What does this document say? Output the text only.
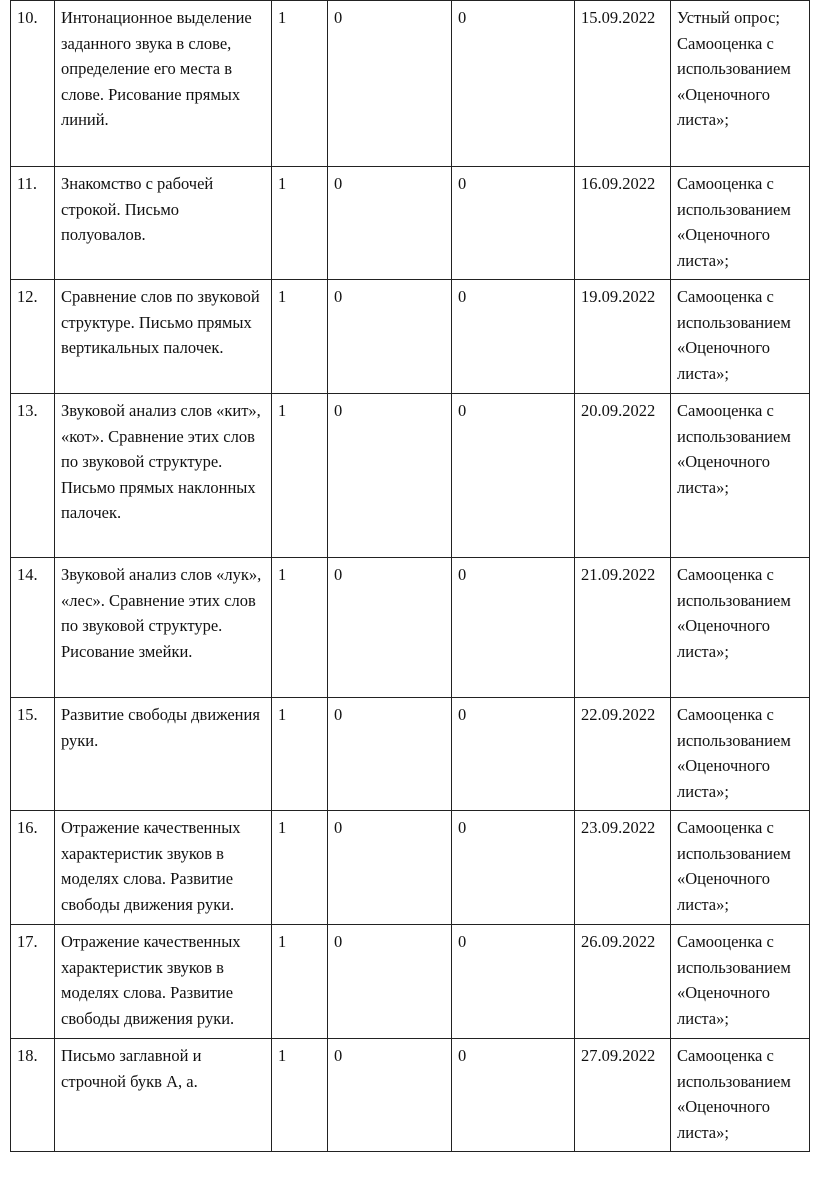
10.	Интонационное выделение заданного звука в слове, определение его места в слове. Рисование прямых линий.	1	0	0	15.09.2022	Устный опрос; Самооценка с использованием «Оценочного листа»;
11.	Знакомство с рабочей строкой. Письмо полуовалов.	1	0	0	16.09.2022	Самооценка с использованием «Оценочного листа»;
12.	Сравнение слов по звуковой структуре. Письмо прямых вертикальных палочек.	1	0	0	19.09.2022	Самооценка с использованием «Оценочного листа»;
13.	Звуковой анализ слов «кит», «кот». Сравнение этих слов по звуковой структуре. Письмо прямых наклонных палочек.	1	0	0	20.09.2022	Самооценка с использованием «Оценочного листа»;
14.	Звуковой анализ слов «лук», «лес». Сравнение этих слов по звуковой структуре. Рисование змейки.	1	0	0	21.09.2022	Самооценка с использованием «Оценочного листа»;
15.	Развитие свободы движения руки.	1	0	0	22.09.2022	Самооценка с использованием «Оценочного листа»;
16.	Отражение качественных характеристик звуков в моделях слова. Развитие свободы движения руки.	1	0	0	23.09.2022	Самооценка с использованием «Оценочного листа»;
17.	Отражение качественных характеристик звуков в моделях слова. Развитие свободы движения руки.	1	0	0	26.09.2022	Самооценка с использованием «Оценочного листа»;
18.	Письмо заглавной и строчной букв А, а.	1	0	0	27.09.2022	Самооценка с использованием «Оценочного листа»;
